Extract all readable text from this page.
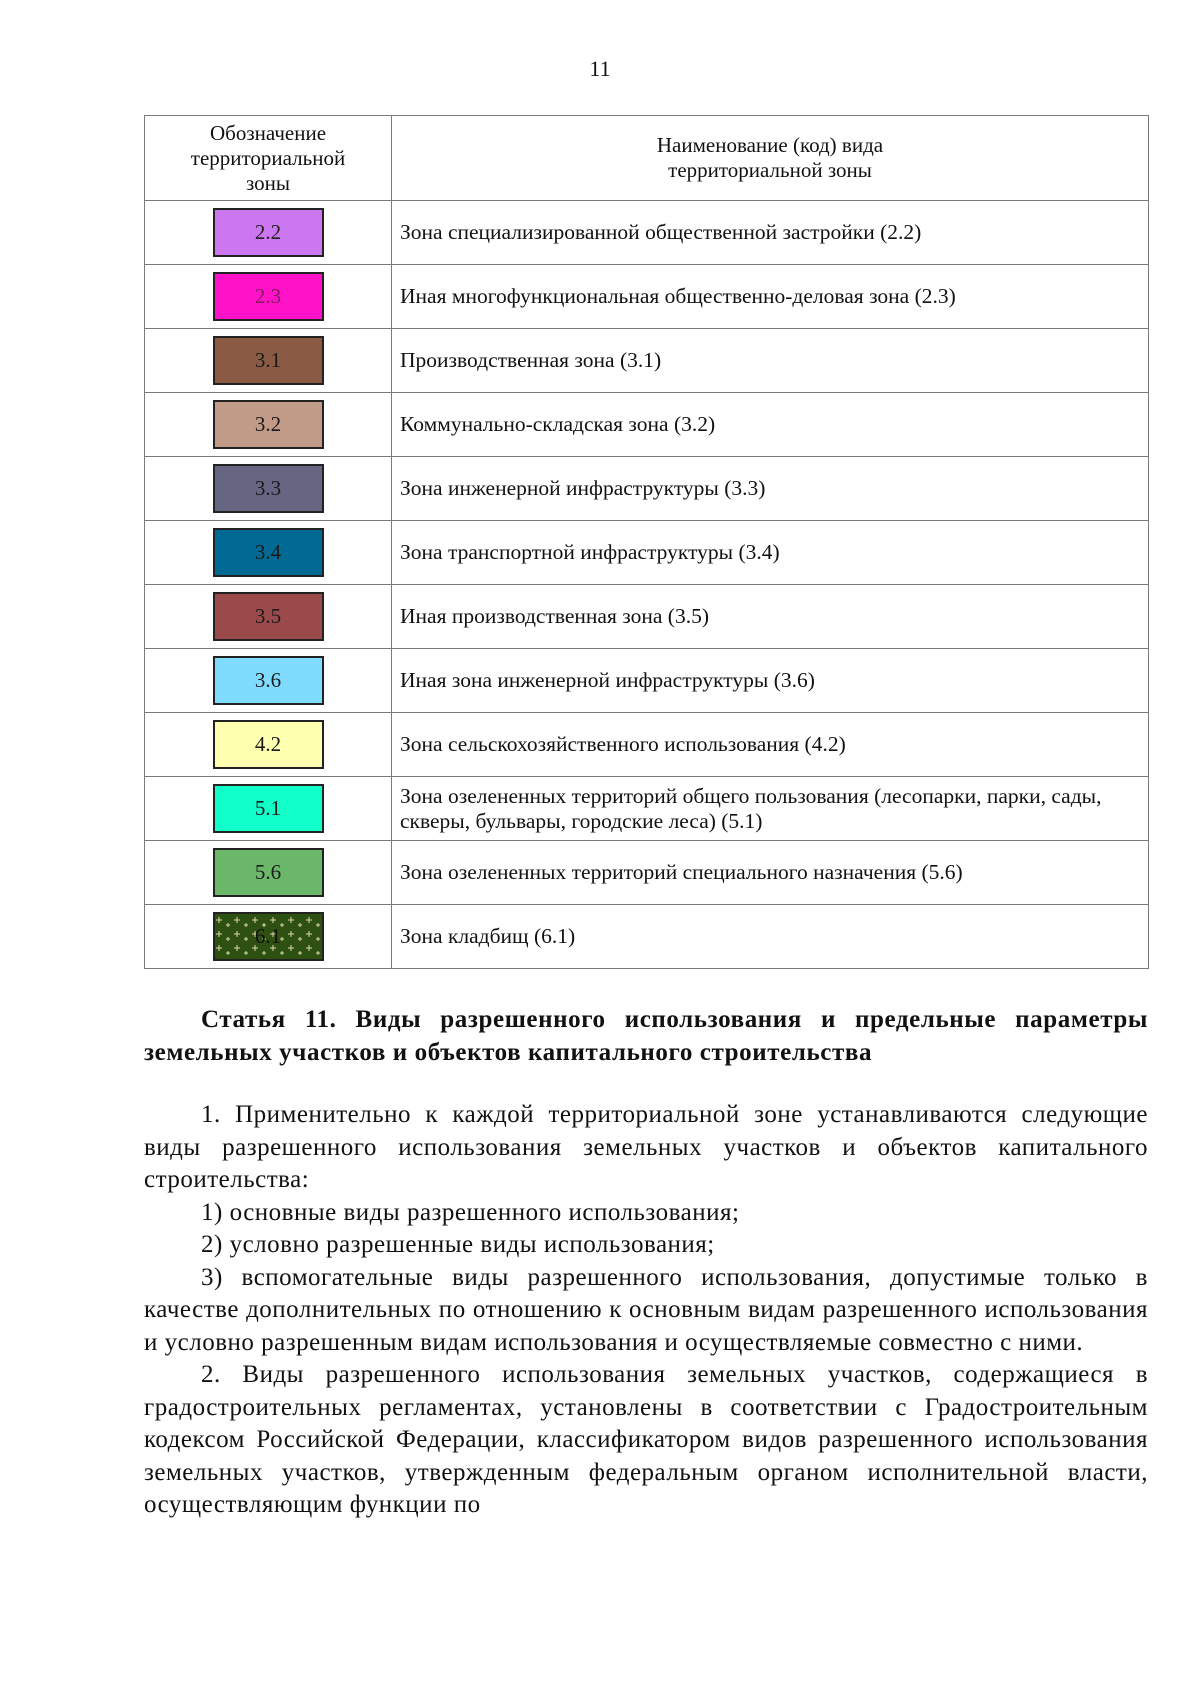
11
Обозначение территориальной зоны	Наименование (код) вида
территориальной зоны

2.2	Зона специализированной общественной застройки (2.2)
2.3	Иная многофункциональная общественно-деловая зона (2.3)
3.1	Производственная зона (3.1)
3.2	Коммунально-складская зона (3.2)
3.3	Зона инженерной инфраструктуры (3.3)
3.4	Зона транспортной инфраструктуры (3.4)
3.5	Иная производственная зона (3.5)
3.6	Иная зона инженерной инфраструктуры (3.6)
4.2	Зона сельскохозяйственного использования (4.2)
5.1	Зона озелененных территорий общего пользования (лесопарки, парки, сады, скверы, бульвары, городские леса) (5.1)
5.6	Зона озелененных территорий специального назначения (5.6)
6.1	Зона кладбищ (6.1)
Статья 11. Виды разрешенного использования и предельные параметры земельных участков и объектов капитального строительства

1. Применительно к каждой территориальной зоне устанавливаются следующие виды разрешенного использования земельных участков и объектов капитального строительства:

1) основные виды разрешенного использования;

2) условно разрешенные виды использования;

3) вспомогательные виды разрешенного использования, допустимые только в качестве дополнительных по отношению к основным видам разрешенного использования и условно разрешенным видам использования и осуществляемые совместно с ними.

2. Виды разрешенного использования земельных участков, содержащиеся в градостроительных регламентах, установлены в соответствии с Градостроительным кодексом Российской Федерации, классификатором видов разрешенного использования земельных участков, утвержденным федеральным органом исполнительной власти, осуществляющим функции по
